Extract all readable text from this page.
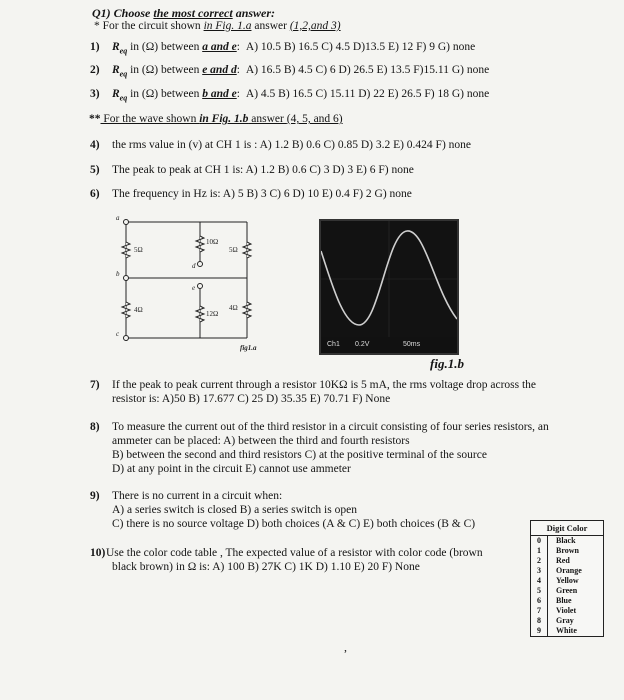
Q1) Choose the most correct answer:
* For the circuit shown in Fig. 1.a answer (1,2,and 3)
1) $R_{eq}$ in (Ω) between a and e: A) 10.5 B) 16.5 C) 4.5 D)13.5 E) 12 F) 9 G) none
2) $R_{eq}$ in (Ω) between e and d: A) 16.5 B) 4.5 C) 6 D) 26.5 E) 13.5 F)15.11 G) none
3) $R_{eq}$ in (Ω) between b and e: A) 4.5 B) 16.5 C) 15.11 D) 22 E) 26.5 F) 18 G) none
** For the wave shown in Fig. 1.b answer (4, 5, and 6)
4) the rms value in (v) at CH 1 is : A) 1.2 B) 0.6 C) 0.85 D) 3.2 E) 0.424 F) none
5) The peak to peak at CH 1 is: A) 1.2 B) 0.6 C) 3 D) 3 E) 6 F) none
6) The frequency in Hz is: A) 5 B) 3 C) 6 D) 10 E) 0.4 F) 2 G) none
a
b
c
d
e
5Ω
10Ω
5Ω
4Ω	12Ω
4Ω
fig1.a	Ch1 0.2V	50ms
fig.1.b
7) If the peak to peak current through a resistor 10KΩ is 5 mA, the rms voltage drop across the
resistor is: A)50 B) 17.677 C) 25 D) 35.35 E) 70.71 F) None
8) To measure the current out of the third resistor in a circuit consisting of four series resistors, an
ammeter can be placed: A) between the third and fourth resistors
B) between the second and third resistors C) at the positive terminal of the source
D) at any point in the circuit E) cannot use ammeter
9) There is no current in a circuit when:
A) a series switch is closed B) a series switch is open
C) there is no source voltage D) both choices (A & C) E) both choices (B & C)
10)Use the color code table , The expected value of a resistor with color code (brown
black brown) in Ω is: A) 100 B) 27K C) 1K D) 1.10 E) 20 F) None
Digit Color
0	Black
1	Brown
2	Red
3	Orange
4	Yellow
5	Green
6	Blue
7	Violet
8	Gray
9	White
,
